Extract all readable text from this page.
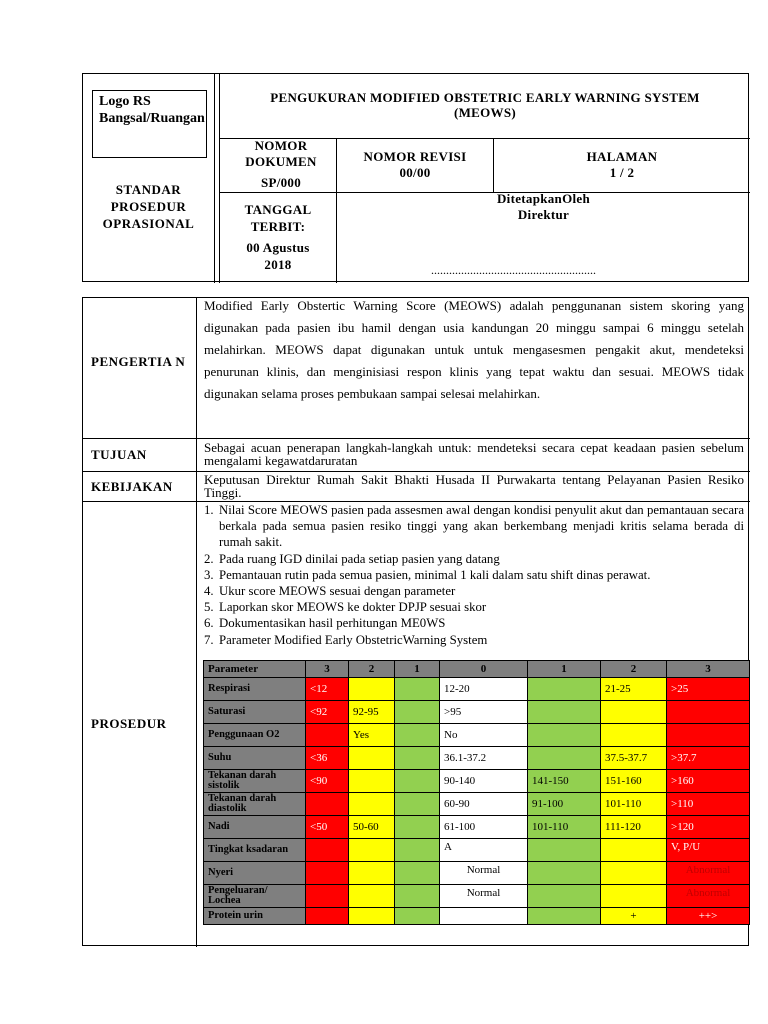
Logo RS Bangsal/Ruangan
STANDAR
PROSEDUR
OPRASIONAL
PENGUKURAN MODIFIED OBSTETRIC EARLY WARNING SYSTEM
(MEOWS)
NOMOR DOKUMEN
SP/000
NOMOR REVISI
00/00
HALAMAN
1 / 2
TANGGAL TERBIT:
00 Agustus 2018
DitetapkanOleh
Direktur
.......................................................
PENGERTIA N
Modified Early Obstertic Warning Score (MEOWS) adalah penggunanan sistem skoring yang digunakan pada pasien ibu hamil dengan usia kandungan 20 minggu sampai 6 minggu setelah melahirkan. MEOWS dapat digunakan untuk untuk mengasesmen pengakit akut, mendeteksi penurunan klinis, dan menginisiasi respon klinis yang tepat waktu dan sesuai. MEOWS tidak digunakan selama proses pembukaan sampai selesai melahirkan.
TUJUAN	Sebagai acuan penerapan langkah-langkah untuk: mendeteksi secara cepat keadaan pasien sebelum mengalami kegawatdaruratan
KEBIJAKAN Keputusan Direktur Rumah Sakit Bhakti Husada II Purwakarta tentang Pelayanan Pasien Resiko Tinggi.
PROSEDUR
1. Nilai Score MEOWS pasien pada assesmen awal dengan kondisi penyulit akut dan pemantauan secara berkala pada semua pasien resiko tinggi yang akan berkembang menjadi kritis selama berada di rumah sakit.
2. Pada ruang IGD dinilai pada setiap pasien yang datang
3. Pemantauan rutin pada semua pasien, minimal 1 kali dalam satu shift dinas perawat.
4. Ukur score MEOWS sesuai dengan parameter
5. Laporkan skor MEOWS ke dokter DPJP sesuai skor
6. Dokumentasikan hasil perhitungan ME0WS
7. Parameter Modified Early ObstetricWarning System
Parameter	3	2	1	0	1	2	3
Respirasi	<12			12-20		21-25	>25
Saturasi	<92	92-95		>95			
Penggunaan O2		Yes		No			
Suhu	<36			36.1-37.2		37.5-37.7	>37.7
Tekanan darah sistolik	<90			90-140	141-150	151-160	>160
Tekanan darah diastolik				60-90	91-100	101-110	>110
Nadi	<50	50-60		61-100	101-110	111-120	>120
Tingkat ksadaran				A			V, P/U
Nyeri				Normal			Abnormal
Pengeluaran/ Lochea				Normal			Abnormal
Protein urin						+	++>
